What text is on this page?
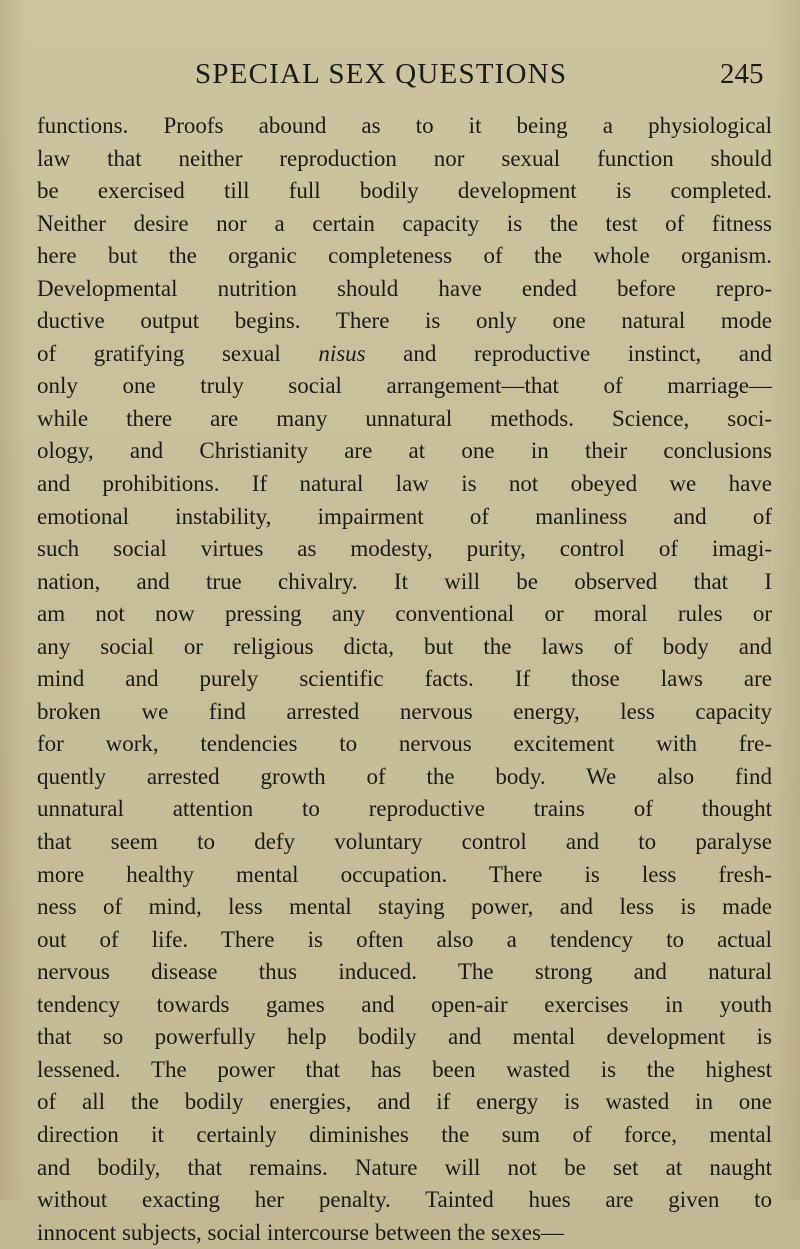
SPECIAL SEX QUESTIONS	245
functions. Proofs abound as to it being a physiological
law that neither reproduction nor sexual function should
be exercised till full bodily development is completed.
Neither desire nor a certain capacity is the test of fitness
here but the organic completeness of the whole organism.
Developmental nutrition should have ended before repro-
ductive output begins. There is only one natural mode
of gratifying sexual nisus and reproductive instinct, and
only one truly social arrangement—that of marriage—
while there are many unnatural methods. Science, soci-
ology, and Christianity are at one in their conclusions
and prohibitions. If natural law is not obeyed we have
emotional instability, impairment of manliness and of
such social virtues as modesty, purity, control of imagi-
nation, and true chivalry. It will be observed that I
am not now pressing any conventional or moral rules or
any social or religious dicta, but the laws of body and
mind and purely scientific facts. If those laws are
broken we find arrested nervous energy, less capacity
for work, tendencies to nervous excitement with fre-
quently arrested growth of the body. We also find
unnatural attention to reproductive trains of thought
that seem to defy voluntary control and to paralyse
more healthy mental occupation. There is less fresh-
ness of mind, less mental staying power, and less is made
out of life. There is often also a tendency to actual
nervous disease thus induced. The strong and natural
tendency towards games and open-air exercises in youth
that so powerfully help bodily and mental development is
lessened. The power that has been wasted is the highest
of all the bodily energies, and if energy is wasted in one
direction it certainly diminishes the sum of force, mental
and bodily, that remains. Nature will not be set at naught
without exacting her penalty. Tainted hues are given to
innocent subjects, social intercourse between the sexes—
